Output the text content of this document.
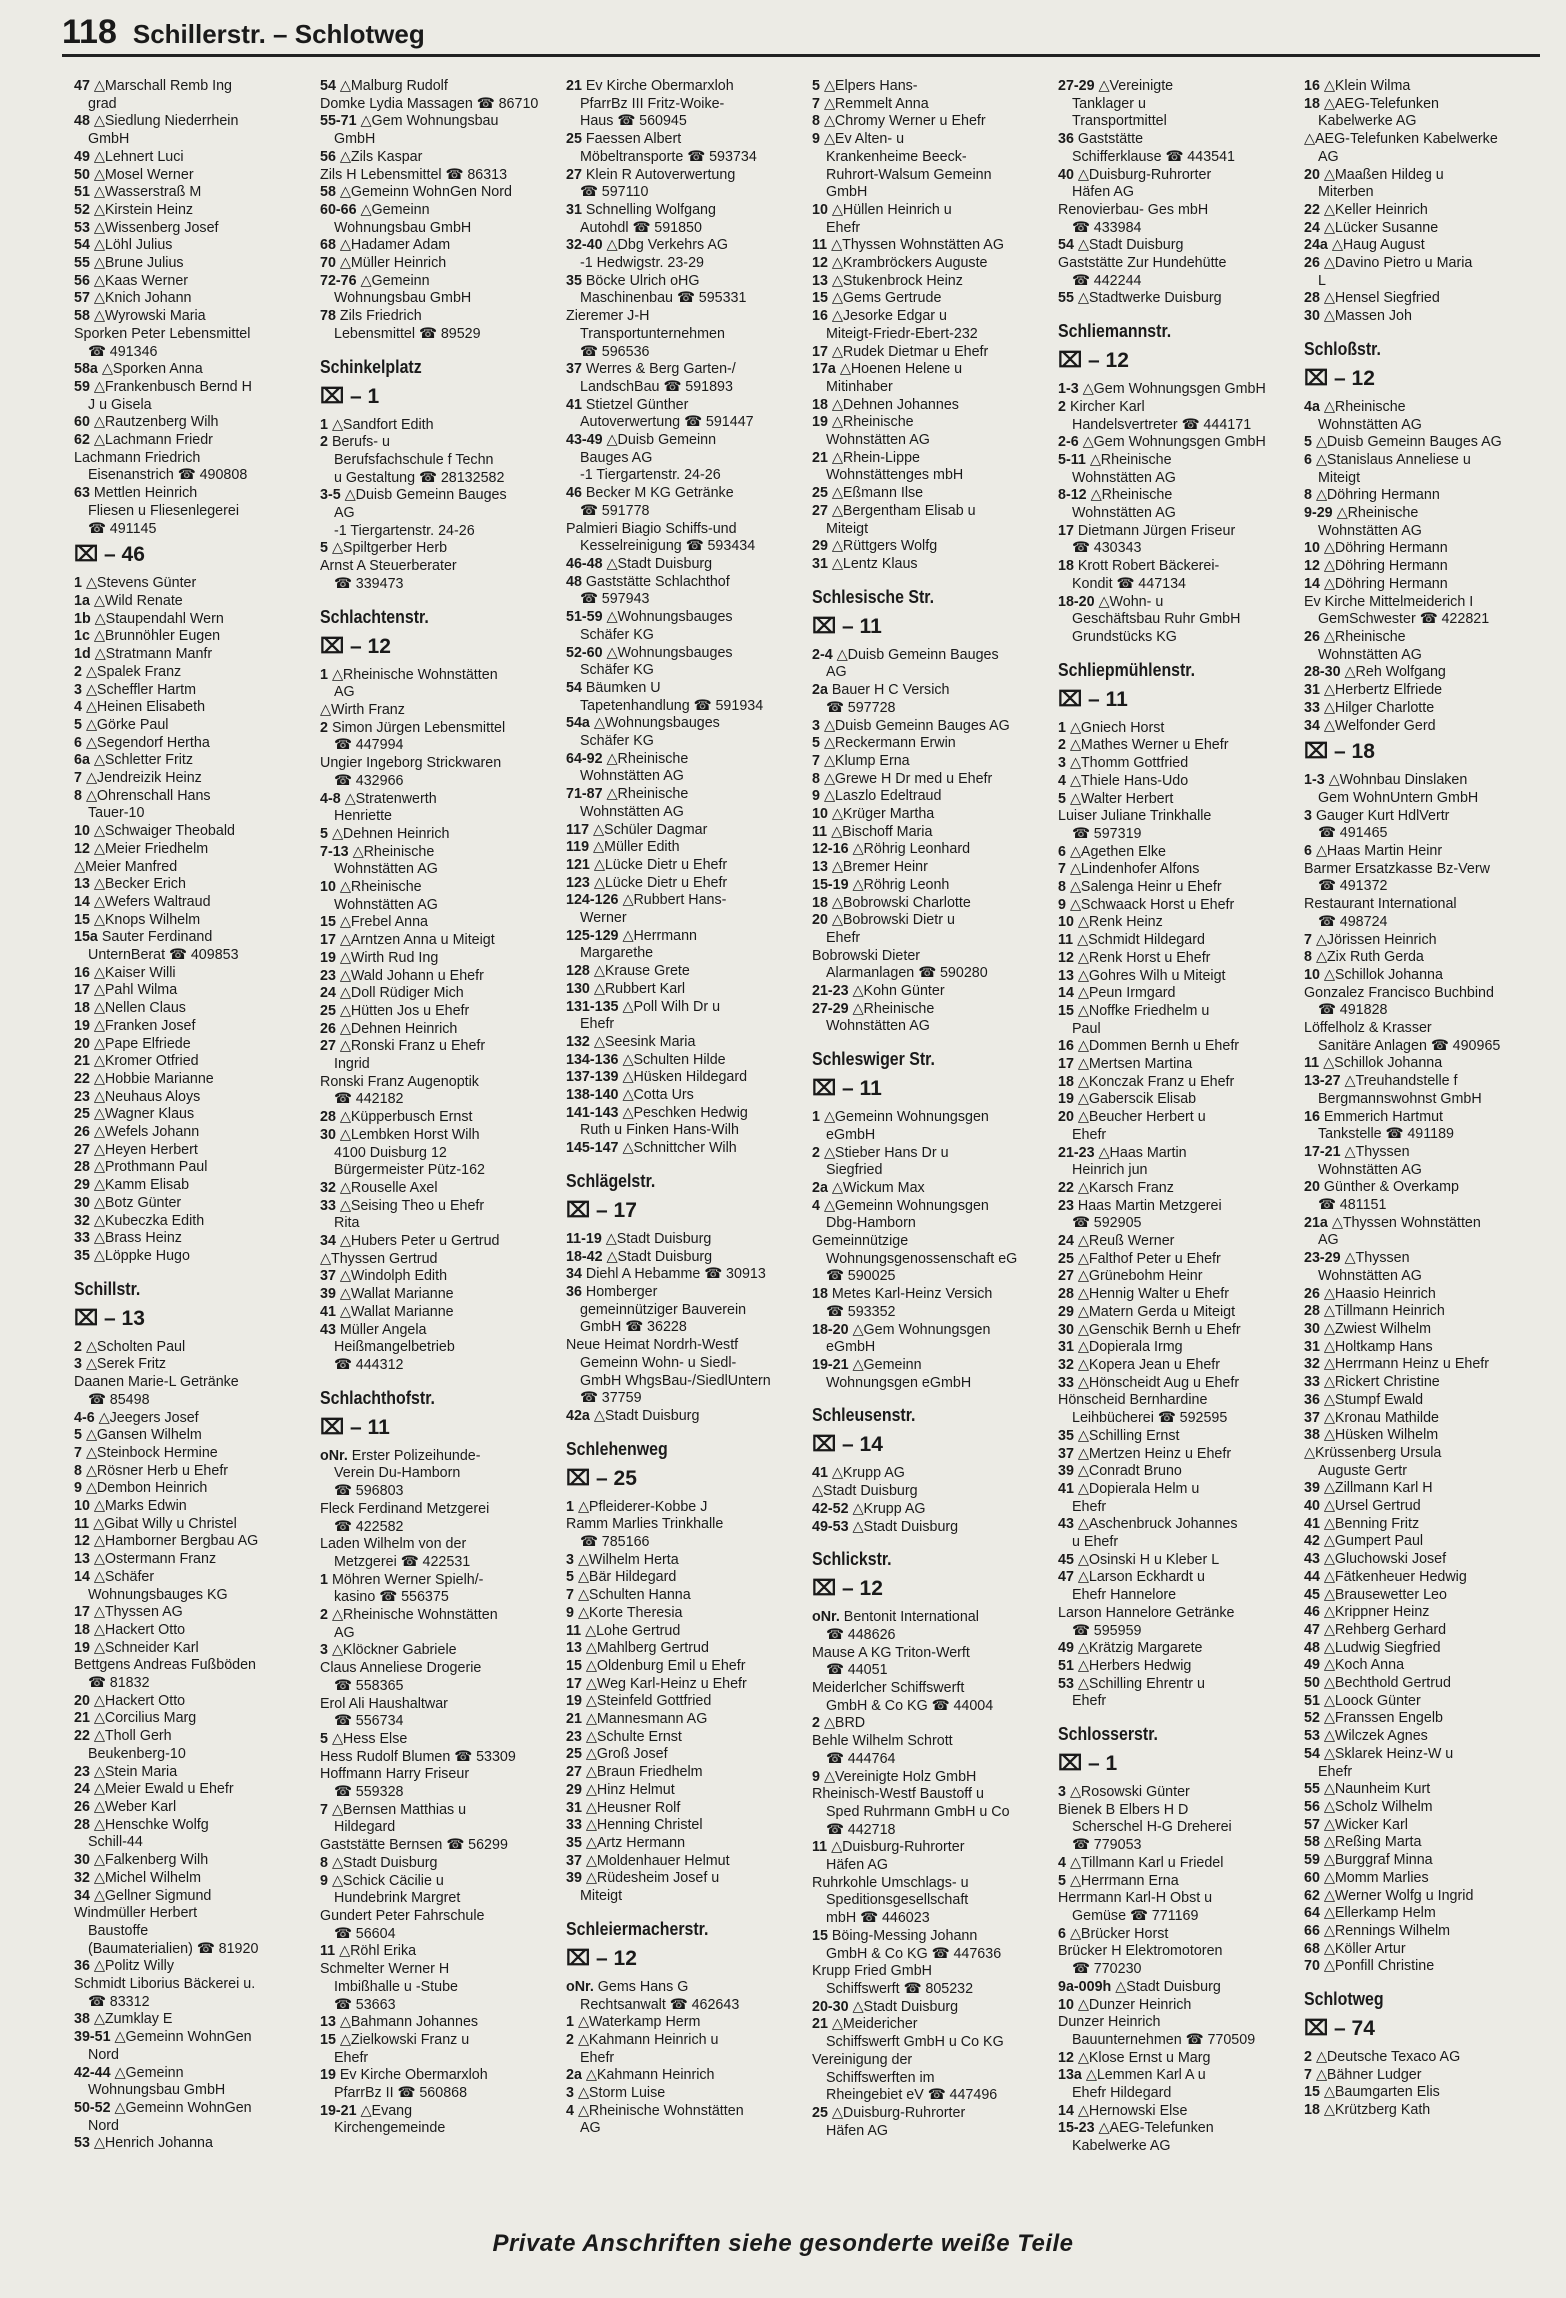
118 Schillerstr. – Schlotweg
47 △Marschall Remb Ing
grad
48 △Siedlung Niederrhein
GmbH
49 △Lehnert Luci
50 △Mosel Werner
51 △Wasserstraß M
52 △Kirstein Heinz
53 △Wissenberg Josef
54 △Löhl Julius
55 △Brune Julius
56 △Kaas Werner
57 △Knich Johann
58 △Wyrowski Maria
Sporken Peter Lebensmittel
☎ 491346
58a △Sporken Anna
59 △Frankenbusch Bernd H
J u Gisela
60 △Rautzenberg Wilh
62 △Lachmann Friedr
Lachmann Friedrich
Eisenanstrich ☎ 490808
63 Mettlen Heinrich
Fliesen u Fliesenlegerei
☎ 491145
⌧ – 46
1 △Stevens Günter
1a △Wild Renate
1b △Staupendahl Wern
1c △Brunnöhler Eugen
1d △Stratmann Manfr
2 △Spalek Franz
3 △Scheffler Hartm
4 △Heinen Elisabeth
5 △Görke Paul
6 △Segendorf Hertha
6a △Schletter Fritz
7 △Jendreizik Heinz
8 △Ohrenschall Hans
Tauer-10
10 △Schwaiger Theobald
12 △Meier Friedhelm
△Meier Manfred
13 △Becker Erich
14 △Wefers Waltraud
15 △Knops Wilhelm
15a Sauter Ferdinand
UnternBerat ☎ 409853
16 △Kaiser Willi
17 △Pahl Wilma
18 △Nellen Claus
19 △Franken Josef
20 △Pape Elfriede
21 △Kromer Otfried
22 △Hobbie Marianne
23 △Neuhaus Aloys
25 △Wagner Klaus
26 △Wefels Johann
27 △Heyen Herbert
28 △Prothmann Paul
29 △Kamm Elisab
30 △Botz Günter
32 △Kubeczka Edith
33 △Brass Heinz
35 △Löppke Hugo
Schillstr.
⌧ – 13
2 △Scholten Paul
3 △Serek Fritz
Daanen Marie-L Getränke
☎ 85498
4-6 △Jeegers Josef
5 △Gansen Wilhelm
7 △Steinbock Hermine
8 △Rösner Herb u Ehefr
9 △Dembon Heinrich
10 △Marks Edwin
11 △Gibat Willy u Christel
12 △Hamborner Bergbau AG
13 △Ostermann Franz
14 △Schäfer
Wohnungsbauges KG
17 △Thyssen AG
18 △Hackert Otto
19 △Schneider Karl
Bettgens Andreas Fußböden
☎ 81832
20 △Hackert Otto
21 △Corcilius Marg
22 △Tholl Gerh
Beukenberg-10
23 △Stein Maria
24 △Meier Ewald u Ehefr
26 △Weber Karl
28 △Henschke Wolfg
Schill-44
30 △Falkenberg Wilh
32 △Michel Wilhelm
34 △Gellner Sigmund
Windmüller Herbert
Baustoffe
(Baumaterialien) ☎ 81920
36 △Politz Willy
Schmidt Liborius Bäckerei u.
☎ 83312
38 △Zumklay E
39-51 △Gemeinn WohnGen
Nord
42-44 △Gemeinn
Wohnungsbau GmbH
50-52 △Gemeinn WohnGen
Nord
53 △Henrich Johanna
54 △Malburg Rudolf
Domke Lydia Massagen ☎ 86710
55-71 △Gem Wohnungsbau
GmbH
56 △Zils Kaspar
Zils H Lebensmittel ☎ 86313
58 △Gemeinn WohnGen Nord
60-66 △Gemeinn
Wohnungsbau GmbH
68 △Hadamer Adam
70 △Müller Heinrich
72-76 △Gemeinn
Wohnungsbau GmbH
78 Zils Friedrich
Lebensmittel ☎ 89529
Schinkelplatz
⌧ – 1
1 △Sandfort Edith
2 Berufs- u
Berufsfachschule f Techn
u Gestaltung ☎ 28132582
3-5 △Duisb Gemeinn Bauges
AG
-1 Tiergartenstr. 24-26
5 △Spiltgerber Herb
Arnst A Steuerberater
☎ 339473
Schlachtenstr.
⌧ – 12
1 △Rheinische Wohnstätten
AG
△Wirth Franz
2 Simon Jürgen Lebensmittel
☎ 447994
Ungier Ingeborg Strickwaren
☎ 432966
4-8 △Stratenwerth
Henriette
5 △Dehnen Heinrich
7-13 △Rheinische
Wohnstätten AG
10 △Rheinische
Wohnstätten AG
15 △Frebel Anna
17 △Arntzen Anna u Miteigt
19 △Wirth Rud Ing
23 △Wald Johann u Ehefr
24 △Doll Rüdiger Mich
25 △Hütten Jos u Ehefr
26 △Dehnen Heinrich
27 △Ronski Franz u Ehefr
Ingrid
Ronski Franz Augenoptik
☎ 442182
28 △Küpperbusch Ernst
30 △Lembken Horst Wilh
4100 Duisburg 12
Bürgermeister Pütz-162
32 △Rouselle Axel
33 △Seising Theo u Ehefr
Rita
34 △Hubers Peter u Gertrud
△Thyssen Gertrud
37 △Windolph Edith
39 △Wallat Marianne
41 △Wallat Marianne
43 Müller Angela
Heißmangelbetrieb
☎ 444312
Schlachthofstr.
⌧ – 11
oNr. Erster Polizeihunde-
Verein Du-Hamborn
☎ 596803
Fleck Ferdinand Metzgerei
☎ 422582
Laden Wilhelm von der
Metzgerei ☎ 422531
1 Möhren Werner Spielh/-
kasino ☎ 556375
2 △Rheinische Wohnstätten
AG
3 △Klöckner Gabriele
Claus Anneliese Drogerie
☎ 558365
Erol Ali Haushaltwar
☎ 556734
5 △Hess Else
Hess Rudolf Blumen ☎ 53309
Hoffmann Harry Friseur
☎ 559328
7 △Bernsen Matthias u
Hildegard
Gaststätte Bernsen ☎ 56299
8 △Stadt Duisburg
9 △Schick Cäcilie u
Hundebrink Margret
Gundert Peter Fahrschule
☎ 56604
11 △Röhl Erika
Schmelter Werner H
Imbißhalle u -Stube
☎ 53663
13 △Bahmann Johannes
15 △Zielkowski Franz u
Ehefr
19 Ev Kirche Obermarxloh
PfarrBz II ☎ 560868
19-21 △Evang
Kirchengemeinde
21 Ev Kirche Obermarxloh
PfarrBz III Fritz-Woike-
Haus ☎ 560945
25 Faessen Albert
Möbeltransporte ☎ 593734
27 Klein R Autoverwertung
☎ 597110
31 Schnelling Wolfgang
Autohdl ☎ 591850
32-40 △Dbg Verkehrs AG
-1 Hedwigstr. 23-29
35 Böcke Ulrich oHG
Maschinenbau ☎ 595331
Zieremer J-H
Transportunternehmen
☎ 596536
37 Werres & Berg Garten-/
LandschBau ☎ 591893
41 Stietzel Günther
Autoverwertung ☎ 591447
43-49 △Duisb Gemeinn
Bauges AG
-1 Tiergartenstr. 24-26
46 Becker M KG Getränke
☎ 591778
Palmieri Biagio Schiffs-und
Kesselreinigung ☎ 593434
46-48 △Stadt Duisburg
48 Gaststätte Schlachthof
☎ 597943
51-59 △Wohnungsbauges
Schäfer KG
52-60 △Wohnungsbauges
Schäfer KG
54 Bäumken U
Tapetenhandlung ☎ 591934
54a △Wohnungsbauges
Schäfer KG
64-92 △Rheinische
Wohnstätten AG
71-87 △Rheinische
Wohnstätten AG
117 △Schüler Dagmar
119 △Müller Edith
121 △Lücke Dietr u Ehefr
123 △Lücke Dietr u Ehefr
124-126 △Rubbert Hans-
Werner
125-129 △Herrmann
Margarethe
128 △Krause Grete
130 △Rubbert Karl
131-135 △Poll Wilh Dr u
Ehefr
132 △Seesink Maria
134-136 △Schulten Hilde
137-139 △Hüsken Hildegard
138-140 △Cotta Urs
141-143 △Peschken Hedwig
Ruth u Finken Hans-Wilh
145-147 △Schnittcher Wilh
Schlägelstr.
⌧ – 17
11-19 △Stadt Duisburg
18-42 △Stadt Duisburg
34 Diehl A Hebamme ☎ 30913
36 Homberger
gemeinnütziger Bauverein
GmbH ☎ 36228
Neue Heimat Nordrh-Westf
Gemeinn Wohn- u Siedl-
GmbH WhgsBau-/SiedlUntern
☎ 37759
42a △Stadt Duisburg
Schlehenweg
⌧ – 25
1 △Pfleiderer-Kobbe J
Ramm Marlies Trinkhalle
☎ 785166
3 △Wilhelm Herta
5 △Bär Hildegard
7 △Schulten Hanna
9 △Korte Theresia
11 △Lohe Gertrud
13 △Mahlberg Gertrud
15 △Oldenburg Emil u Ehefr
17 △Weg Karl-Heinz u Ehefr
19 △Steinfeld Gottfried
21 △Mannesmann AG
23 △Schulte Ernst
25 △Groß Josef
27 △Braun Friedhelm
29 △Hinz Helmut
31 △Heusner Rolf
33 △Henning Christel
35 △Artz Hermann
37 △Moldenhauer Helmut
39 △Rüdesheim Josef u
Miteigt
Schleiermacherstr.
⌧ – 12
oNr. Gems Hans G
Rechtsanwalt ☎ 462643
1 △Waterkamp Herm
2 △Kahmann Heinrich u
Ehefr
2a △Kahmann Heinrich
3 △Storm Luise
4 △Rheinische Wohnstätten
AG
5 △Elpers Hans-
7 △Remmelt Anna
8 △Chromy Werner u Ehefr
9 △Ev Alten- u
Krankenheime Beeck-
Ruhrort-Walsum Gemeinn
GmbH
10 △Hüllen Heinrich u
Ehefr
11 △Thyssen Wohnstätten AG
12 △Krambröckers Auguste
13 △Stukenbrock Heinz
15 △Gems Gertrude
16 △Jesorke Edgar u
Miteigt-Friedr-Ebert-232
17 △Rudek Dietmar u Ehefr
17a △Hoenen Helene u
Mitinhaber
18 △Dehnen Johannes
19 △Rheinische
Wohnstätten AG
21 △Rhein-Lippe
Wohnstättenges mbH
25 △Eßmann Ilse
27 △Bergentham Elisab u
Miteigt
29 △Rüttgers Wolfg
31 △Lentz Klaus
Schlesische Str.
⌧ – 11
2-4 △Duisb Gemeinn Bauges
AG
2a Bauer H C Versich
☎ 597728
3 △Duisb Gemeinn Bauges AG
5 △Reckermann Erwin
7 △Klump Erna
8 △Grewe H Dr med u Ehefr
9 △Laszlo Edeltraud
10 △Krüger Martha
11 △Bischoff Maria
12-16 △Röhrig Leonhard
13 △Bremer Heinr
15-19 △Röhrig Leonh
18 △Bobrowski Charlotte
20 △Bobrowski Dietr u
Ehefr
Bobrowski Dieter
Alarmanlagen ☎ 590280
21-23 △Kohn Günter
27-29 △Rheinische
Wohnstätten AG
Schleswiger Str.
⌧ – 11
1 △Gemeinn Wohnungsgen
eGmbH
2 △Stieber Hans Dr u
Siegfried
2a △Wickum Max
4 △Gemeinn Wohnungsgen
Dbg-Hamborn
Gemeinnützige
Wohnungsgenossenschaft eG
☎ 590025
18 Metes Karl-Heinz Versich
☎ 593352
18-20 △Gem Wohnungsgen
eGmbH
19-21 △Gemeinn
Wohnungsgen eGmbH
Schleusenstr.
⌧ – 14
41 △Krupp AG
△Stadt Duisburg
42-52 △Krupp AG
49-53 △Stadt Duisburg
Schlickstr.
⌧ – 12
oNr. Bentonit International
☎ 448626
Mause A KG Triton-Werft
☎ 44051
Meiderlcher Schiffswerft
GmbH & Co KG ☎ 44004
2 △BRD
Behle Wilhelm Schrott
☎ 444764
9 △Vereinigte Holz GmbH
Rheinisch-Westf Baustoff u
Sped Ruhrmann GmbH u Co
☎ 442718
11 △Duisburg-Ruhrorter
Häfen AG
Ruhrkohle Umschlags- u
Speditionsgesellschaft
mbH ☎ 446023
15 Böing-Messing Johann
GmbH & Co KG ☎ 447636
Krupp Fried GmbH
Schiffswerft ☎ 805232
20-30 △Stadt Duisburg
21 △Meidericher
Schiffswerft GmbH u Co KG
Vereinigung der
Schiffswerften im
Rheingebiet eV ☎ 447496
25 △Duisburg-Ruhrorter
Häfen AG
27-29 △Vereinigte
Tanklager u
Transportmittel
36 Gaststätte
Schifferklause ☎ 443541
40 △Duisburg-Ruhrorter
Häfen AG
Renovierbau- Ges mbH
☎ 433984
54 △Stadt Duisburg
Gaststätte Zur Hundehütte
☎ 442244
55 △Stadtwerke Duisburg
Schliemannstr.
⌧ – 12
1-3 △Gem Wohnungsgen GmbH
2 Kircher Karl
Handelsvertreter ☎ 444171
2-6 △Gem Wohnungsgen GmbH
5-11 △Rheinische
Wohnstätten AG
8-12 △Rheinische
Wohnstätten AG
17 Dietmann Jürgen Friseur
☎ 430343
18 Krott Robert Bäckerei-
Kondit ☎ 447134
18-20 △Wohn- u
Geschäftsbau Ruhr GmbH
Grundstücks KG
Schliepmühlenstr.
⌧ – 11
1 △Gniech Horst
2 △Mathes Werner u Ehefr
3 △Thomm Gottfried
4 △Thiele Hans-Udo
5 △Walter Herbert
Luiser Juliane Trinkhalle
☎ 597319
6 △Agethen Elke
7 △Lindenhofer Alfons
8 △Salenga Heinr u Ehefr
9 △Schwaack Horst u Ehefr
10 △Renk Heinz
11 △Schmidt Hildegard
12 △Renk Horst u Ehefr
13 △Gohres Wilh u Miteigt
14 △Peun Irmgard
15 △Noffke Friedhelm u
Paul
16 △Dommen Bernh u Ehefr
17 △Mertsen Martina
18 △Konczak Franz u Ehefr
19 △Gaberscik Elisab
20 △Beucher Herbert u
Ehefr
21-23 △Haas Martin
Heinrich jun
22 △Karsch Franz
23 Haas Martin Metzgerei
☎ 592905
24 △Reuß Werner
25 △Falthof Peter u Ehefr
27 △Grünebohm Heinr
28 △Hennig Walter u Ehefr
29 △Matern Gerda u Miteigt
30 △Genschik Bernh u Ehefr
31 △Dopierala Irmg
32 △Kopera Jean u Ehefr
33 △Hönscheidt Aug u Ehefr
Hönscheid Bernhardine
Leihbücherei ☎ 592595
35 △Schilling Ernst
37 △Mertzen Heinz u Ehefr
39 △Conradt Bruno
41 △Dopierala Helm u
Ehefr
43 △Aschenbruck Johannes
u Ehefr
45 △Osinski H u Kleber L
47 △Larson Eckhardt u
Ehefr Hannelore
Larson Hannelore Getränke
☎ 595959
49 △Krätzig Margarete
51 △Herbers Hedwig
53 △Schilling Ehrentr u
Ehefr
Schlosserstr.
⌧ – 1
3 △Rosowski Günter
Bienek B Elbers H D
Scherschel H-G Dreherei
☎ 779053
4 △Tillmann Karl u Friedel
5 △Herrmann Erna
Herrmann Karl-H Obst u
Gemüse ☎ 771169
6 △Brücker Horst
Brücker H Elektromotoren
☎ 770230
9a-009h △Stadt Duisburg
10 △Dunzer Heinrich
Dunzer Heinrich
Bauunternehmen ☎ 770509
12 △Klose Ernst u Marg
13a △Lemmen Karl A u
Ehefr Hildegard
14 △Hernowski Else
15-23 △AEG-Telefunken
Kabelwerke AG
16 △Klein Wilma
18 △AEG-Telefunken
Kabelwerke AG
△AEG-Telefunken Kabelwerke
AG
20 △Maaßen Hildeg u
Miterben
22 △Keller Heinrich
24 △Lücker Susanne
24a △Haug August
26 △Davino Pietro u Maria
L
28 △Hensel Siegfried
30 △Massen Joh
Schloßstr.
⌧ – 12
4a △Rheinische
Wohnstätten AG
5 △Duisb Gemeinn Bauges AG
6 △Stanislaus Anneliese u
Miteigt
8 △Döhring Hermann
9-29 △Rheinische
Wohnstätten AG
10 △Döhring Hermann
12 △Döhring Hermann
14 △Döhring Hermann
Ev Kirche Mittelmeiderich I
GemSchwester ☎ 422821
26 △Rheinische
Wohnstätten AG
28-30 △Reh Wolfgang
31 △Herbertz Elfriede
33 △Hilger Charlotte
34 △Welfonder Gerd
⌧ – 18
1-3 △Wohnbau Dinslaken
Gem WohnUntern GmbH
3 Gauger Kurt HdlVertr
☎ 491465
6 △Haas Martin Heinr
Barmer Ersatzkasse Bz-Verw
☎ 491372
Restaurant International
☎ 498724
7 △Jörissen Heinrich
8 △Zix Ruth Gerda
10 △Schillok Johanna
Gonzalez Francisco Buchbind
☎ 491828
Löffelholz & Krasser
Sanitäre Anlagen ☎ 490965
11 △Schillok Johanna
13-27 △Treuhandstelle f
Bergmannswohnst GmbH
16 Emmerich Hartmut
Tankstelle ☎ 491189
17-21 △Thyssen
Wohnstätten AG
20 Günther & Overkamp
☎ 481151
21a △Thyssen Wohnstätten
AG
23-29 △Thyssen
Wohnstätten AG
26 △Haasio Heinrich
28 △Tillmann Heinrich
30 △Zwiest Wilhelm
31 △Holtkamp Hans
32 △Herrmann Heinz u Ehefr
33 △Rickert Christine
36 △Stumpf Ewald
37 △Kronau Mathilde
38 △Hüsken Wilhelm
△Krüssenberg Ursula
Auguste Gertr
39 △Zillmann Karl H
40 △Ursel Gertrud
41 △Benning Fritz
42 △Gumpert Paul
43 △Gluchowski Josef
44 △Fätkenheuer Hedwig
45 △Brausewetter Leo
46 △Krippner Heinz
47 △Rehberg Gerhard
48 △Ludwig Siegfried
49 △Koch Anna
50 △Bechthold Gertrud
51 △Loock Günter
52 △Franssen Engelb
53 △Wilczek Agnes
54 △Sklarek Heinz-W u
Ehefr
55 △Naunheim Kurt
56 △Scholz Wilhelm
57 △Wicker Karl
58 △Reßing Marta
59 △Burggraf Minna
60 △Momm Marlies
62 △Werner Wolfg u Ingrid
64 △Ellerkamp Helm
66 △Rennings Wilhelm
68 △Köller Artur
70 △Ponfill Christine
Schlotweg
⌧ – 74
2 △Deutsche Texaco AG
7 △Bähner Ludger
15 △Baumgarten Elis
18 △Krützberg Kath
Private Anschriften siehe gesonderte weiße Teile
